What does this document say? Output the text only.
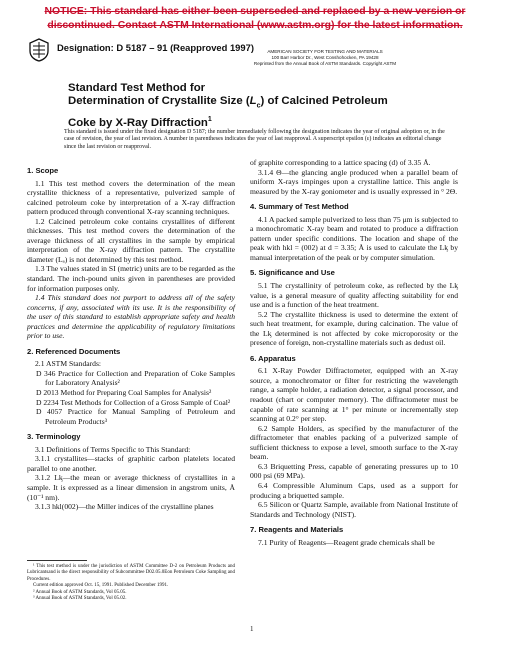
NOTICE: This standard has either been superseded and replaced by a new version or
discontinued. Contact ASTM International (www.astm.org) for the latest information.
Designation: D 5187 – 91 (Reapproved 1997)	AMERICAN SOCIETY FOR TESTING AND MATERIALS
100 Barr Harbor Dr., West Conshohocken, PA 19428
Reprinted from the Annual Book of ASTM Standards. Copyright ASTM
Standard Test Method for
Determination of Crystallite Size $(L_c)$ of Calcined Petroleum
Coke by X-Ray Diffraction$^1$
This standard is issued under the fixed designation D 5187; the number immediately following the designation indicates the year of original adoption or, in the case of revision, the year of last revision. A number in parentheses indicates the year of last reapproval. A superscript epsilon (ε) indicates an editorial change since the last revision or reapproval.
1. Scope

1.1 This test method covers the determination of the mean crystallite thickness of a representative, pulverized sample of calcined petroleum coke by interpretation of a X-ray diffraction pattern produced through conventional X-ray scanning techniques.

1.2 Calcined petroleum coke contains crystallites of different thicknesses. This test method covers the determination of the average thickness of all crystallites in the sample by empirical interpretation of the X-ray diffraction pattern. The crystallite diameter (Lₐ) is not determined by this test method.

1.3 The values stated in SI (metric) units are to be regarded as the standard. The inch-pound units given in parentheses are provided for information purposes only.

1.4 This standard does not purport to address all of the safety concerns, if any, associated with its use. It is the responsibility of the user of this standard to establish appropriate safety and health practices and determine the applicability of regulatory limitations prior to use.

2. Referenced Documents

2.1 ASTM Standards:

D 346 Practice for Collection and Preparation of Coke Samples for Laboratory Analysis²

D 2013 Method for Preparing Coal Samples for Analysis²

D 2234 Test Methods for Collection of a Gross Sample of Coal²

D 4057 Practice for Manual Sampling of Petroleum and Petroleum Products³

3. Terminology

3.1 Definitions of Terms Specific to This Standard:

3.1.1 crystallites—stacks of graphitic carbon platelets located parallel to one another.

3.1.2 Lᶄ—the mean or average thickness of crystallites in a sample. It is expressed as a linear dimension in angstrom units, Å (10⁻¹ nm).

3.1.3 hkl(002)—the Miller indices of the crystalline planes

¹ This test method is under the jurisdiction of ASTM Committee D-2 on Petroleum Products and Lubricantsand is the direct responsibility of Subcommittee D02.05.0Eon Petroleum Coke Sampling and Procedures.

Current edition approved Oct. 15, 1991. Published December 1991.

² Annual Book of ASTM Standards, Vol 05.05.

³ Annual Book of ASTM Standards, Vol 05.02.

of graphite corresponding to a lattice spacing (d) of 3.35 Å.

3.1.4 Θ—the glancing angle produced when a parallel beam of uniform X-rays impinges upon a crystalline lattice. This angle is measured by the X-ray goniometer and is usually expressed in ° 2Θ.

4. Summary of Test Method

4.1 A packed sample pulverized to less than 75 μm is subjected to a monochromatic X-ray beam and rotated to produce a diffraction pattern under specific conditions. The location and shape of the peak with hkl = (002) at d = 3.35; Å is used to calculate the Lᶄ by manual interpretation of the peak or by computer simulation.

5. Significance and Use

5.1 The crystallinity of petroleum coke, as reflected by the Lᶄ value, is a general measure of quality affecting suitability for end use and is a function of the heat treatment.

5.2 The crystallite thickness is used to determine the extent of such heat treatment, for example, during calcination. The value of the Lᶄ determined is not affected by coke microporosity or the presence of foreign, non-crystalline materials such as dedust oil.

6. Apparatus

6.1 X-Ray Powder Diffractometer, equipped with an X-ray source, a monochromator or filter for restricting the wavelength range, a sample holder, a radiation detector, a signal processor, and readout (chart or computer memory). The diffractometer must be capable of rate scanning at 1° per minute or incrementally step scanning at 0.2° per step.

6.2 Sample Holders, as specified by the manufacturer of the diffractometer that enables packing of a pulverized sample of sufficient thickness to expose a level, smooth surface to the X-ray beam.

6.3 Briquetting Press, capable of generating pressures up to 10 000 psi (69 MPa).

6.4 Compressible Aluminum Caps, used as a support for producing a briquetted sample.

6.5 Silicon or Quartz Sample, available from National Institute of Standards and Technology (NIST).

7. Reagents and Materials

7.1 Purity of Reagents—Reagent grade chemicals shall be

1
